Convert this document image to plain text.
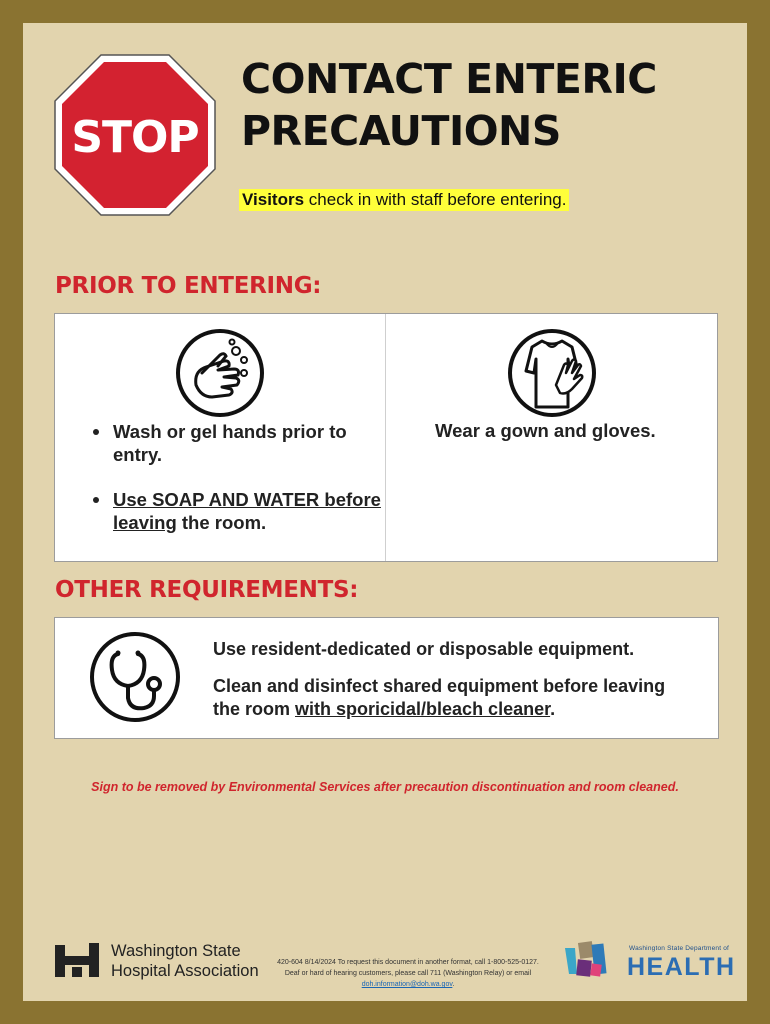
STOP
CONTACT ENTERIC
PRECAUTIONS
Visitors check in with staff before entering.
PRIOR TO ENTERING:
Wash or gel hands prior to entry.
Use SOAP AND WATER before leaving the room.
Wear a gown and gloves.
OTHER REQUIREMENTS:
Use resident-dedicated or disposable equipment.
Clean and disinfect shared equipment before leaving the room with sporicidal/bleach cleaner.
Sign to be removed by Environmental Services after precaution discontinuation and room cleaned.
Washington State
Hospital Association	420-604 8/14/2024 To request this document in another format, call 1-800-525-0127.
Deaf or hard of hearing customers, please call 711 (Washington Relay) or email
doh.information@doh.wa.gov.
Washington State Department of
HEALTH
